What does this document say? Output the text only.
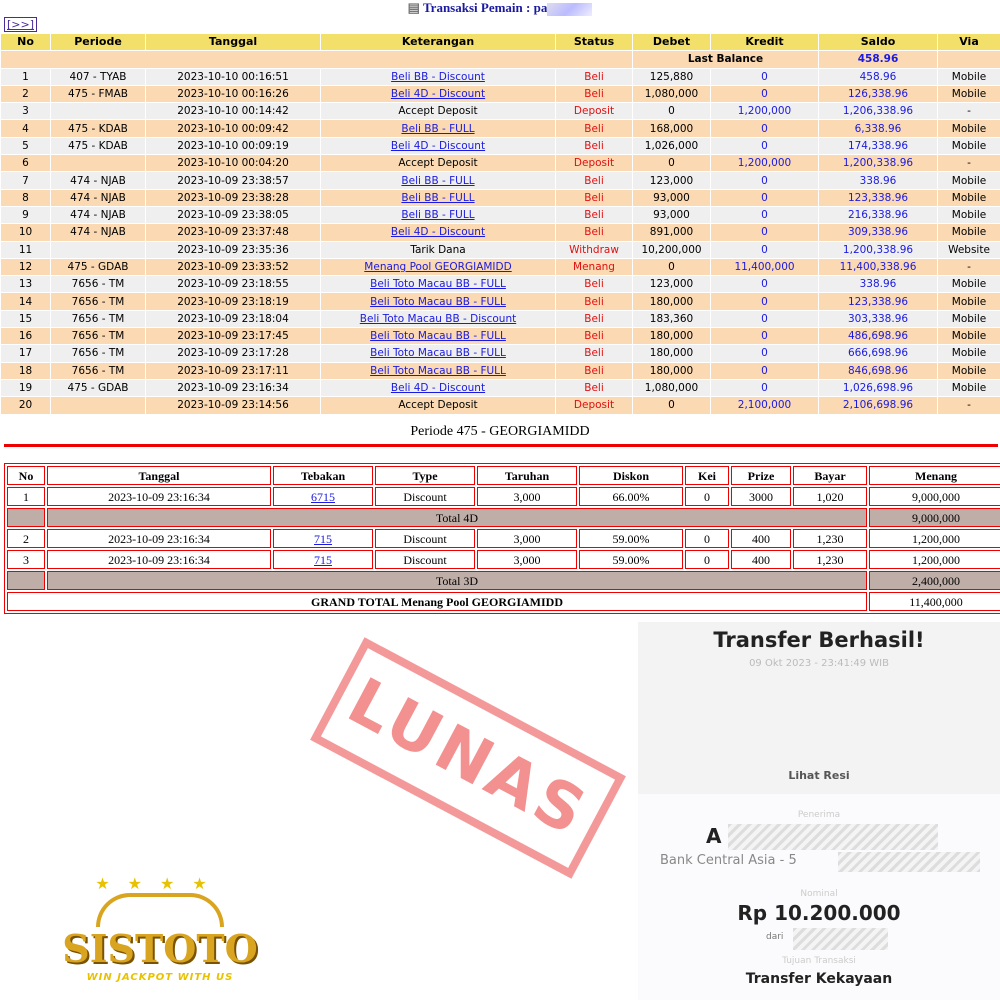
▤ Transaksi Pemain : pa
[>>]
No	Periode	Tanggal	Keterangan	Status	Debet	Kredit	Saldo	Via
					Last Balance		458.96	
1	407 - TYAB	2023-10-10 00:16:51	Beli BB - Discount	Beli	125,880	0	458.96	Mobile
2	475 - FMAB	2023-10-10 00:16:26	Beli 4D - Discount	Beli	1,080,000	0	126,338.96	Mobile
3		2023-10-10 00:14:42	Accept Deposit	Deposit	0	1,200,000	1,206,338.96	-
4	475 - KDAB	2023-10-10 00:09:42	Beli BB - FULL	Beli	168,000	0	6,338.96	Mobile
5	475 - KDAB	2023-10-10 00:09:19	Beli 4D - Discount	Beli	1,026,000	0	174,338.96	Mobile
6		2023-10-10 00:04:20	Accept Deposit	Deposit	0	1,200,000	1,200,338.96	-
7	474 - NJAB	2023-10-09 23:38:57	Beli BB - FULL	Beli	123,000	0	338.96	Mobile
8	474 - NJAB	2023-10-09 23:38:28	Beli BB - FULL	Beli	93,000	0	123,338.96	Mobile
9	474 - NJAB	2023-10-09 23:38:05	Beli BB - FULL	Beli	93,000	0	216,338.96	Mobile
10	474 - NJAB	2023-10-09 23:37:48	Beli 4D - Discount	Beli	891,000	0	309,338.96	Mobile
11		2023-10-09 23:35:36	Tarik Dana	Withdraw	10,200,000	0	1,200,338.96	Website
12	475 - GDAB	2023-10-09 23:33:52	Menang Pool GEORGIAMIDD	Menang	0	11,400,000	11,400,338.96	-
13	7656 - TM	2023-10-09 23:18:55	Beli Toto Macau BB - FULL	Beli	123,000	0	338.96	Mobile
14	7656 - TM	2023-10-09 23:18:19	Beli Toto Macau BB - FULL	Beli	180,000	0	123,338.96	Mobile
15	7656 - TM	2023-10-09 23:18:04	Beli Toto Macau BB - Discount	Beli	183,360	0	303,338.96	Mobile
16	7656 - TM	2023-10-09 23:17:45	Beli Toto Macau BB - FULL	Beli	180,000	0	486,698.96	Mobile
17	7656 - TM	2023-10-09 23:17:28	Beli Toto Macau BB - FULL	Beli	180,000	0	666,698.96	Mobile
18	7656 - TM	2023-10-09 23:17:11	Beli Toto Macau BB - FULL	Beli	180,000	0	846,698.96	Mobile
19	475 - GDAB	2023-10-09 23:16:34	Beli 4D - Discount	Beli	1,080,000	0	1,026,698.96	Mobile
20		2023-10-09 23:14:56	Accept Deposit	Deposit	0	2,100,000	2,106,698.96	-
Periode 475 - GEORGIAMIDD
No	Tanggal	Tebakan	Type	Taruhan	Diskon	Kei	Prize	Bayar	Menang
1	2023-10-09 23:16:34	6715	Discount	3,000	66.00%	0	3000	1,020	9,000,000
	Total 4D								9,000,000
2	2023-10-09 23:16:34	715	Discount	3,000	59.00%	0	400	1,230	1,200,000
3	2023-10-09 23:16:34	715	Discount	3,000	59.00%	0	400	1,230	1,200,000
	Total 3D								2,400,000
GRAND TOTAL Menang Pool GEORGIAMIDD									11,400,000
Transfer Berhasil!
09 Okt 2023 - 23:41:49 WIB
Lihat Resi
Penerima
A
Bank Central Asia - 5
Nominal
Rp 10.200.000
dari
Tujuan Transaksi
Transfer Kekayaan
LUNAS
★★★★
SISTOTO
WIN JACKPOT WITH US
